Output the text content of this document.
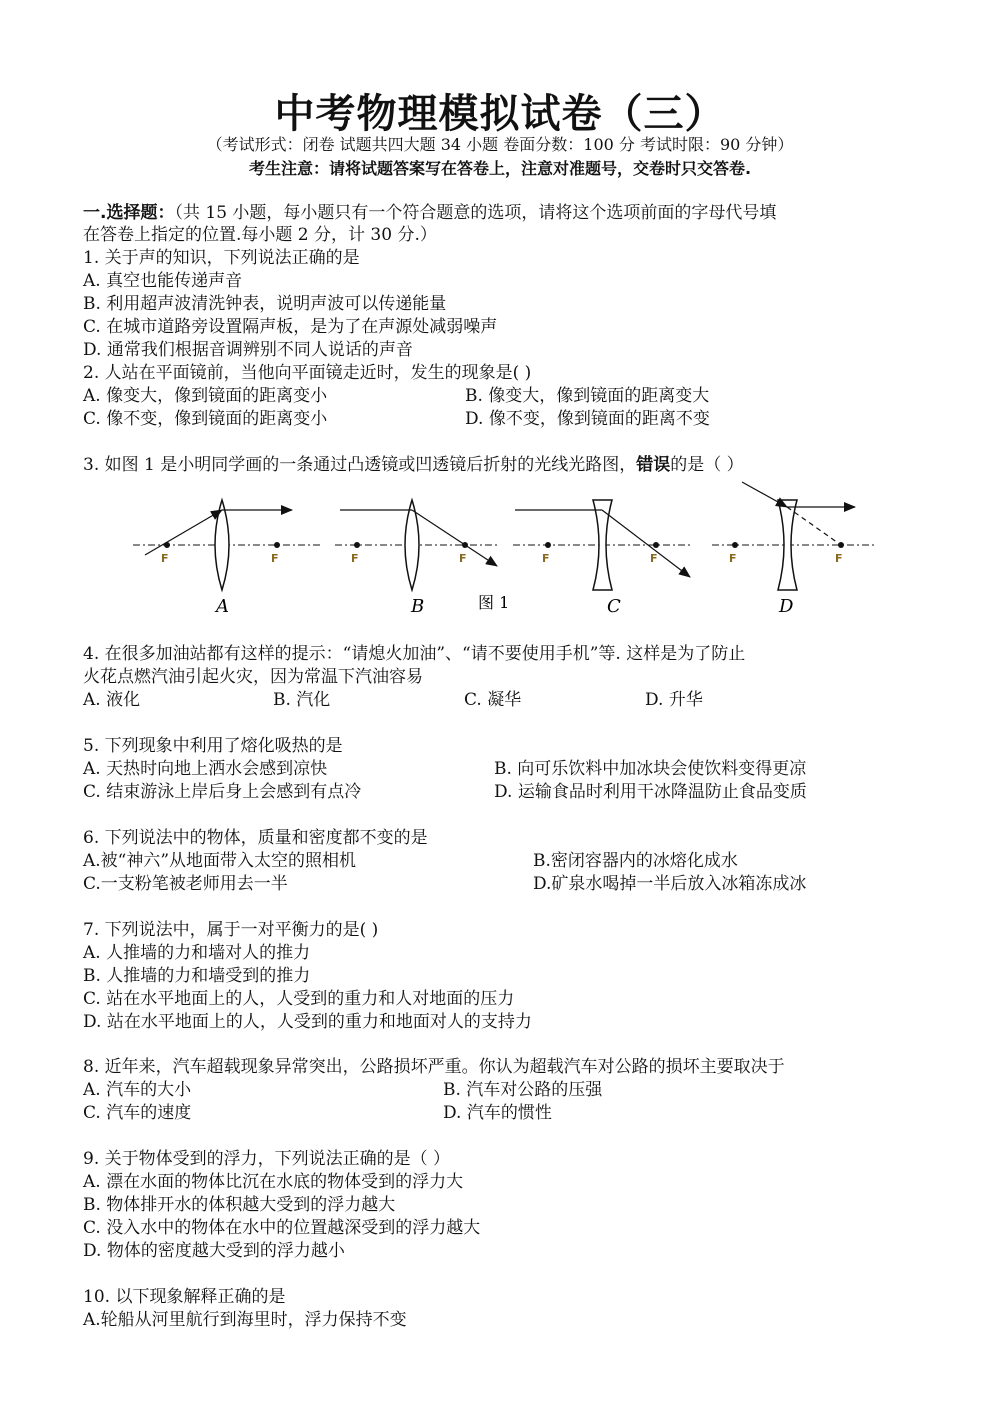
中考物理模拟试卷（三）
（考试形式：闭卷 试题共四大题 34 小题 卷面分数：100 分 考试时限：90 分钟）
考生注意：请将试题答案写在答卷上，注意对准题号，交卷时只交答卷.
一.选择题：（共 15 小题，每小题只有一个符合题意的选项，请将这个选项前面的字母代号填
在答卷上指定的位置.每小题 2 分，计 30 分.）
1. 关于声的知识，下列说法正确的是
A. 真空也能传递声音
B. 利用超声波清洗钟表，说明声波可以传递能量
C. 在城市道路旁设置隔声板，是为了在声源处减弱噪声
D. 通常我们根据音调辨别不同人说话的声音
2. 人站在平面镜前，当他向平面镜走近时，发生的现象是( )
A. 像变大，像到镜面的距离变小	B. 像变大，像到镜面的距离变大
C. 像不变，像到镜面的距离变小	D. 像不变，像到镜面的距离不变
3. 如图 1 是小明同学画的一条通过凸透镜或凹透镜后折射的光线光路图，错误的是（ ）
F	F
A
F	F
B	图 1
F	F
C
F	F
D
4. 在很多加油站都有这样的提示：“请熄火加油”、“请不要使用手机”等. 这样是为了防止
火花点燃汽油引起火灾，因为常温下汽油容易
A. 液化	B. 汽化	C. 凝华	D. 升华
5. 下列现象中利用了熔化吸热的是
A. 天热时向地上洒水会感到凉快	B. 向可乐饮料中加冰块会使饮料变得更凉
C. 结束游泳上岸后身上会感到有点冷	D. 运输食品时利用干冰降温防止食品变质
6. 下列说法中的物体，质量和密度都不变的是
A.被“神六”从地面带入太空的照相机	B.密闭容器内的冰熔化成水
C.一支粉笔被老师用去一半	D.矿泉水喝掉一半后放入冰箱冻成冰
7. 下列说法中，属于一对平衡力的是( )
A. 人推墙的力和墙对人的推力
B. 人推墙的力和墙受到的推力
C. 站在水平地面上的人，人受到的重力和人对地面的压力
D. 站在水平地面上的人，人受到的重力和地面对人的支持力
8. 近年来，汽车超载现象异常突出，公路损坏严重。你认为超载汽车对公路的损坏主要取决于
A. 汽车的大小	B. 汽车对公路的压强
C. 汽车的速度	D. 汽车的惯性
9. 关于物体受到的浮力，下列说法正确的是（ ）
A. 漂在水面的物体比沉在水底的物体受到的浮力大
B. 物体排开水的体积越大受到的浮力越大
C. 没入水中的物体在水中的位置越深受到的浮力越大
D. 物体的密度越大受到的浮力越小
10. 以下现象解释正确的是
A.轮船从河里航行到海里时，浮力保持不变
